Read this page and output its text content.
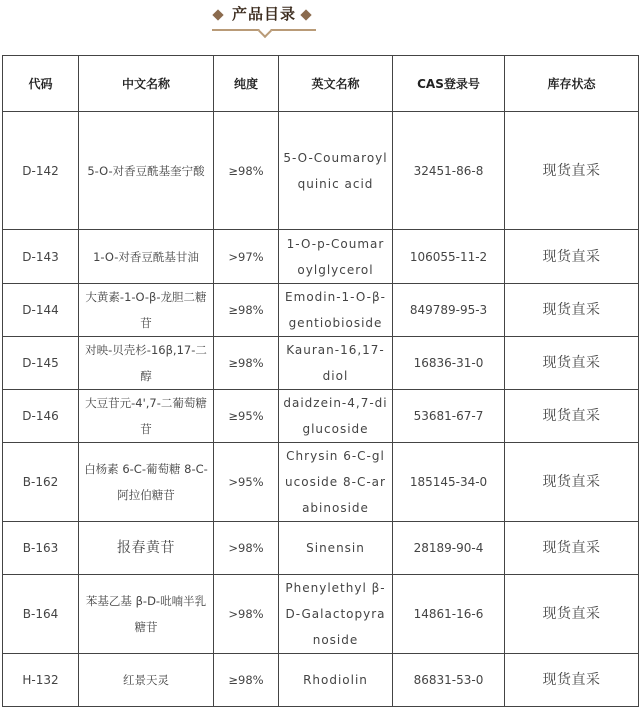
产品目录
代码	中文名称	纯度	英文名称	CAS登录号	库存状态
D-142	5-O-对香豆酰基奎宁酸	≥98%	5-O-Coumaroylquinic acid	32451-86-8	现货直采
D-143	1-O-对香豆酰基甘油	>97%	1-O-p-Coumaroylglycerol	106055-11-2	现货直采
D-144	大黄素-1-O-β-龙胆二糖苷	≥98%	Emodin-1-O-β-gentiobioside	849789-95-3	现货直采
D-145	对映-贝壳杉-16β,17-二醇	≥98%	Kauran-16,17-diol	16836-31-0	现货直采
D-146	大豆苷元-4',7-二葡萄糖苷	≥95%	daidzein-4,7-diglucoside	53681-67-7	现货直采
B-162	白杨素 6-C-葡萄糖 8-C-阿拉伯糖苷	>95%	Chrysin 6-C-glucoside 8-C-arabinoside	185145-34-0	现货直采
B-163	报春黄苷	>98%	Sinensin	28189-90-4	现货直采
B-164	苯基乙基 β-D-吡喃半乳糖苷	>98%	Phenylethyl β-D-Galactopyranoside	14861-16-6	现货直采
H-132	红景天灵	≥98%	Rhodiolin	86831-53-0	现货直采
